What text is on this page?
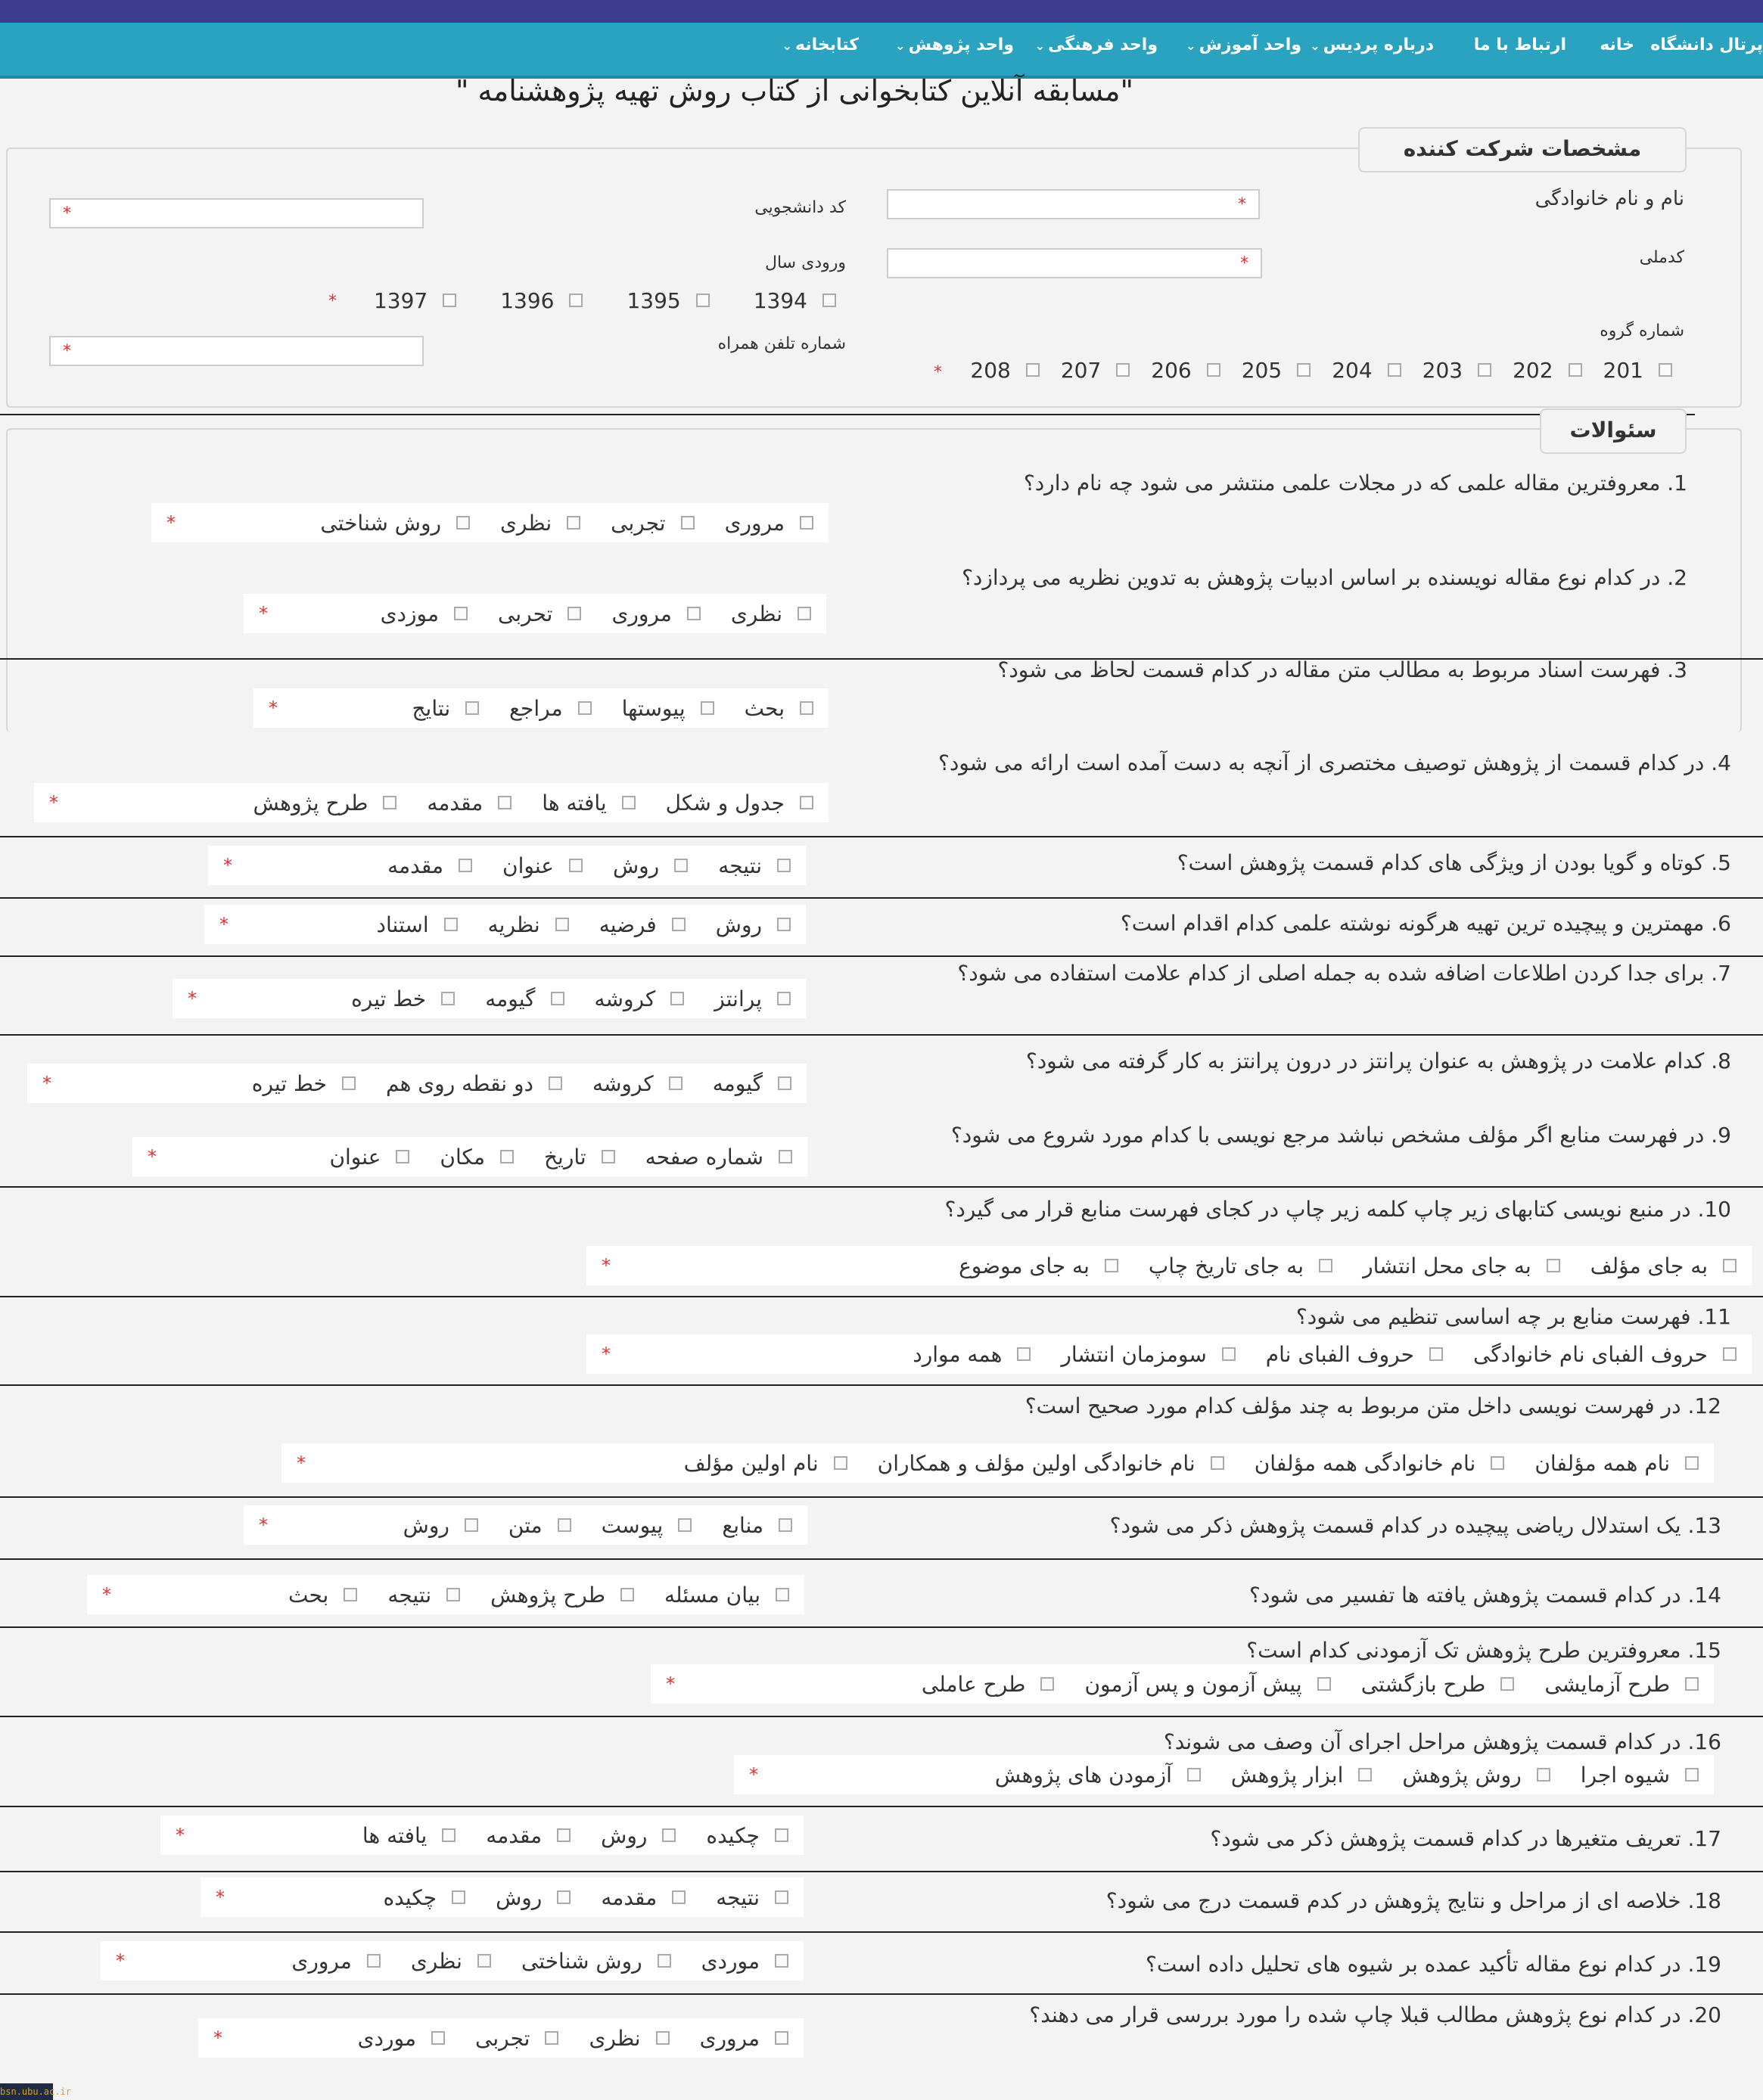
پرتال دانشگاه
خانه
ارتباط با ما
درباره پردیس⌄
واحد آموزش⌄
واحد فرهنگی⌄
واحد پژوهش⌄
کتابخانه⌄
"مسابقه آنلاین کتابخوانی از کتاب روش تهیه پژوهشنامه "
مشخصات شرکت کننده
نام و نام خانوادگی
*
کد دانشجویی
*
کدملی
*
ورودی سال
1394
1395
1396
1397
*
شماره تلفن همراه
*
شماره گروه
201
202
203
204
205
206
207
208
*
سئوالات
1. معروفترین مقاله علمی که در مجلات علمی منتشر می شود چه نام دارد؟
مروری
تجربی
نظری
روش شناختی
*
2. در کدام نوع مقاله نویسنده بر اساس ادبیات پژوهش به تدوین نظریه می پردازد؟
نظری
مروری
تحربی
موزدی
*
3. فهرست اسناد مربوط به مطالب متن مقاله در کدام قسمت لحاظ می شود؟
بحث
پیوستها
مراجع
نتایج
*
4. در کدام قسمت از پژوهش توصیف مختصری از آنچه به دست آمده است ارائه می شود؟
جدول و شکل
یافته ها
مقدمه
طرح پژوهش
*
5. کوتاه و گویا بودن از ویژگی های کدام قسمت پژوهش است؟
نتیجه
روش
عنوان
مقدمه
*
6. مهمترین و پیچیده ترین تهیه هرگونه نوشته علمی کدام اقدام است؟
روش
فرضیه
نظریه
استناد
*
7. برای جدا کردن اطلاعات اضافه شده به جمله اصلی از کدام علامت استفاده می شود؟
پرانتز
کروشه
گیومه
خط تیره
*
8. کدام علامت در پژوهش به عنوان پرانتز در درون پرانتز به کار گرفته می شود؟
گیومه
کروشه
دو نقطه روی هم
خط تیره
*
9. در فهرست منابع اگر مؤلف مشخص نباشد مرجع نویسی با کدام مورد شروع می شود؟
شماره صفحه
تاریخ
مکان
عنوان
*
10. در منبع نویسی کتابهای زیر چاپ کلمه زیر چاپ در کجای فهرست منابع قرار می گیرد؟
به جای مؤلف
به جای محل انتشار
به جای تاریخ چاپ
به جای موضوع
*
11. فهرست منابع بر چه اساسی تنظیم می شود؟
حروف الفبای نام خانوادگی
حروف الفبای نام
سومزمان انتشار
همه موارد
*
12. در فهرست نویسی داخل متن مربوط به چند مؤلف کدام مورد صحیح است؟
نام همه مؤلفان
نام خانوادگی همه مؤلفان
نام خانوادگی اولین مؤلف و همکاران
نام اولین مؤلف
*
13. یک استدلال ریاضی پیچیده در کدام قسمت پژوهش ذکر می شود؟
منابع
پیوست
متن
روش
*
14. در کدام قسمت پژوهش یافته ها تفسیر می شود؟
بیان مسئله
طرح پژوهش
نتیجه
بحث
*
15. معروفترین طرح پژوهش تک آزمودنی کدام است؟
طرح آزمایشی
طرح بازگشتی
پیش آزمون و پس آزمون
طرح عاملی
*
16. در کدام قسمت پژوهش مراحل اجرای آن وصف می شوند؟
شیوه اجرا
روش پژوهش
ابزار پژوهش
آزمودن های پژوهش
*
17. تعریف متغیرها در کدام قسمت پژوهش ذکر می شود؟
چکیده
روش
مقدمه
یافته ها
*
18. خلاصه ای از مراحل و نتایج پژوهش در کدم قسمت درج می شود؟
نتیجه
مقدمه
روش
چکیده
*
19. در کدام نوع مقاله تأکید عمده بر شیوه های تحلیل داده است؟
موردی
روش شناختی
نظری
مروری
*
20. در کدام نوع پژوهش مطالب قبلا چاپ شده را مورد بررسی قرار می دهند؟
مروری
نظری
تجربی
موردی
*
bsn.ubu.ac.ir
